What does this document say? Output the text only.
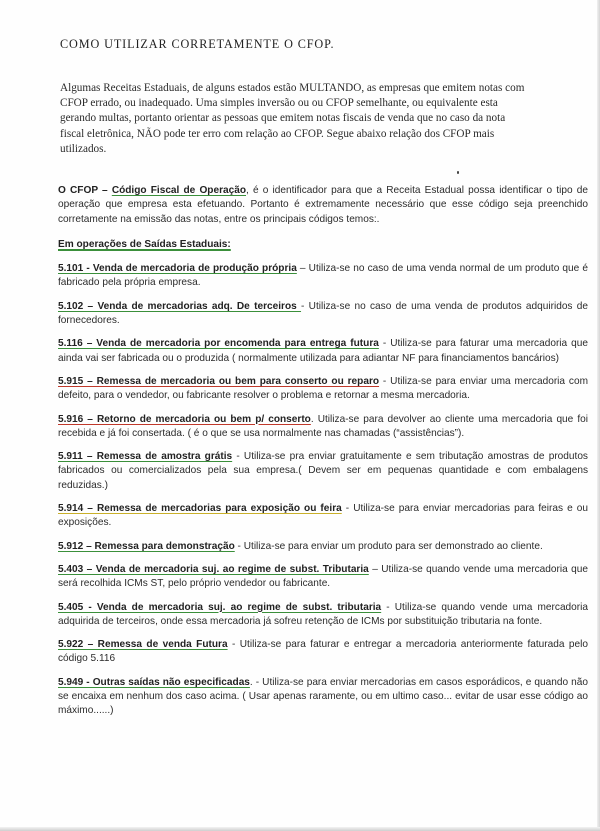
COMO UTILIZAR CORRETAMENTE O CFOP.
Algumas Receitas Estaduais, de alguns estados estão MULTANDO, as empresas que emitem notas com
CFOP errado, ou inadequado. Uma simples inversão ou ou CFOP semelhante, ou equivalente esta
gerando multas, portanto orientar as pessoas que emitem notas fiscais de venda que no caso da nota
fiscal eletrônica, NÃO pode ter erro com relação ao CFOP. Segue abaixo relação dos CFOP mais
utilizados.

O CFOP – Código Fiscal de Operação, é o identificador para que a Receita Estadual possa identificar o tipo de operação que empresa esta efetuando. Portanto é extremamente necessário que esse código seja preenchido corretamente na emissão das notas, entre os principais códigos temos:.

Em operações de Saídas Estaduais:

5.101 - Venda de mercadoria de produção própria – Utiliza-se no caso de uma venda normal de um produto que é fabricado pela própria empresa.

5.102 – Venda de mercadorias adq. De terceiros - Utiliza-se no caso de uma venda de produtos adquiridos de fornecedores.

5.116 – Venda de mercadoria por encomenda para entrega futura - Utiliza-se para faturar uma mercadoria que ainda vai ser fabricada ou o produzida ( normalmente utilizada para adiantar NF para financiamentos bancários)

5.915 – Remessa de mercadoria ou bem para conserto ou reparo - Utiliza-se para enviar uma mercadoria com defeito, para o vendedor, ou fabricante resolver o problema e retornar a mesma mercadoria.

5.916 – Retorno de mercadoria ou bem p/ conserto. Utiliza-se para devolver ao cliente uma mercadoria que foi recebida e já foi consertada. ( é o que se usa normalmente nas chamadas (“assistências”).

5.911 – Remessa de amostra grátis - Utiliza-se pra enviar gratuitamente e sem tributação amostras de produtos fabricados ou comercializados pela sua empresa.( Devem ser em pequenas quantidade e com embalagens reduzidas.)

5.914 – Remessa de mercadorias para exposição ou feira - Utiliza-se para enviar mercadorias para feiras e ou exposições.

5.912 – Remessa para demonstração - Utiliza-se para enviar um produto para ser demonstrado ao cliente.

5.403 – Venda de mercadoria suj. ao regime de subst. Tributaria – Utiliza-se quando vende uma mercadoria que será recolhida ICMs ST, pelo próprio vendedor ou fabricante.

5.405 - Venda de mercadoria suj. ao regime de subst. tributaria - Utiliza-se quando vende uma mercadoria adquirida de terceiros, onde essa mercadoria já sofreu retenção de ICMs por substituição tributaria na fonte.

5.922 – Remessa de venda Futura - Utiliza-se para faturar e entregar a mercadoria anteriormente faturada pelo código 5.116

5.949 - Outras saídas não especificadas. - Utiliza-se para enviar mercadorias em casos esporádicos, e quando não se encaixa em nenhum dos caso acima. ( Usar apenas raramente, ou em ultimo caso... evitar de usar esse código ao máximo......)
